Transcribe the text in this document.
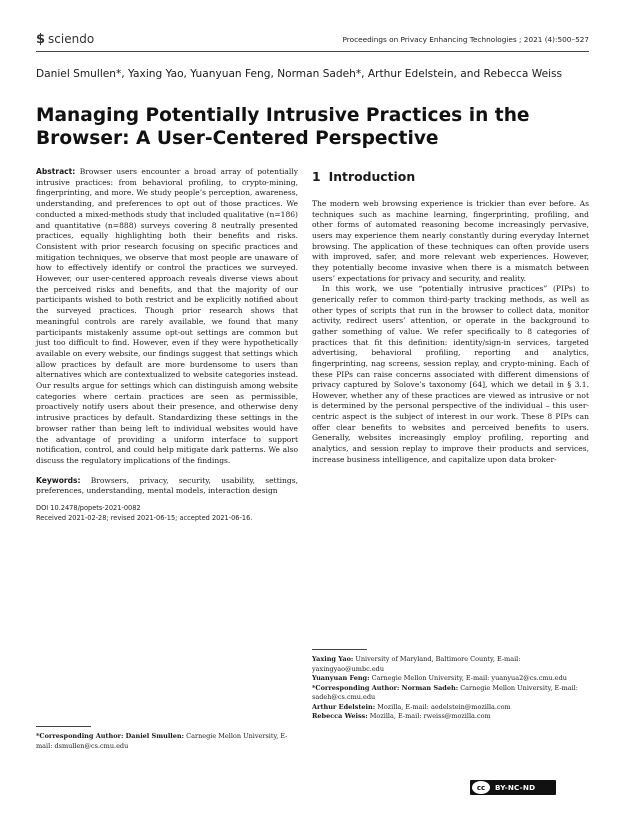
$ sciendo	Proceedings on Privacy Enhancing Technologies ; 2021 (4):500–527
Daniel Smullen*, Yaxing Yao, Yuanyuan Feng, Norman Sadeh*, Arthur Edelstein, and Rebecca Weiss
Managing Potentially Intrusive Practices in the Browser: A User-Centered Perspective

Abstract: Browser users encounter a broad array of potentially intrusive practices: from behavioral profiling, to crypto-mining, fingerprinting, and more. We study people’s perception, awareness, understanding, and preferences to opt out of those practices. We conducted a mixed-methods study that included qualitative (n=186) and quantitative (n=888) surveys covering 8 neutrally presented practices, equally highlighting both their benefits and risks. Consistent with prior research focusing on specific practices and mitigation techniques, we observe that most people are unaware of how to effectively identify or control the practices we surveyed. However, our user-centered approach reveals diverse views about the perceived risks and benefits, and that the majority of our participants wished to both restrict and be explicitly notified about the surveyed practices. Though prior research shows that meaningful controls are rarely available, we found that many participants mistakenly assume opt-out settings are common but just too difficult to find. However, even if they were hypothetically available on every website, our findings suggest that settings which allow practices by default are more burdensome to users than alternatives which are contextualized to website categories instead. Our results argue for settings which can distinguish among website categories where certain practices are seen as permissible, proactively notify users about their presence, and otherwise deny intrusive practices by default. Standardizing these settings in the browser rather than being left to individual websites would have the advantage of providing a uniform interface to support notification, control, and could help mitigate dark patterns. We also discuss the regulatory implications of the findings.

Keywords: Browsers, privacy, security, usability, settings, preferences, understanding, mental models, interaction design

DOI 10.2478/popets-2021-0082
Received 2021-02-28; revised 2021-06-15; accepted 2021-06-16.

*Corresponding Author: Daniel Smullen: Carnegie Mellon University, E-mail: dsmullen@cs.cmu.edu

1 Introduction

The modern web browsing experience is trickier than ever before. As techniques such as machine learning, fingerprinting, profiling, and other forms of automated reasoning become increasingly pervasive, users may experience them nearly constantly during everyday Internet browsing. The application of these techniques can often provide users with improved, safer, and more relevant web experiences. However, they potentially become invasive when there is a mismatch between users’ expectations for privacy and security, and reality.

In this work, we use “potentially intrusive practices” (PIPs) to generically refer to common third-party tracking methods, as well as other types of scripts that run in the browser to collect data, monitor activity, redirect users’ attention, or operate in the background to gather something of value. We refer specifically to 8 categories of practices that fit this definition: identity/sign-in services, targeted advertising, behavioral profiling, reporting and analytics, fingerprinting, nag screens, session replay, and crypto-mining. Each of these PIPs can raise concerns associated with different dimensions of privacy captured by Solove’s taxonomy [64], which we detail in § 3.1. However, whether any of these practices are viewed as intrusive or not is determined by the personal perspective of the individual – this user-centric aspect is the subject of interest in our work. These 8 PIPs can offer clear benefits to websites and perceived benefits to users. Generally, websites increasingly employ profiling, reporting and analytics, and session replay to improve their products and services, increase business intelligence, and capitalize upon data broker-

Yaxing Yao: University of Maryland, Baltimore County, E-mail: yaxingyao@umbc.edu

Yuanyuan Feng: Carnegie Mellon University, E-mail: yuanyua2@cs.cmu.edu

*Corresponding Author: Norman Sadeh: Carnegie Mellon University, E-mail: sadeh@cs.cmu.edu

Arthur Edelstein: Mozilla, E-mail: aedelstein@mozilla.com

Rebecca Weiss: Mozilla, E-mail: rweiss@mozilla.com

cc	BY-NC-ND
